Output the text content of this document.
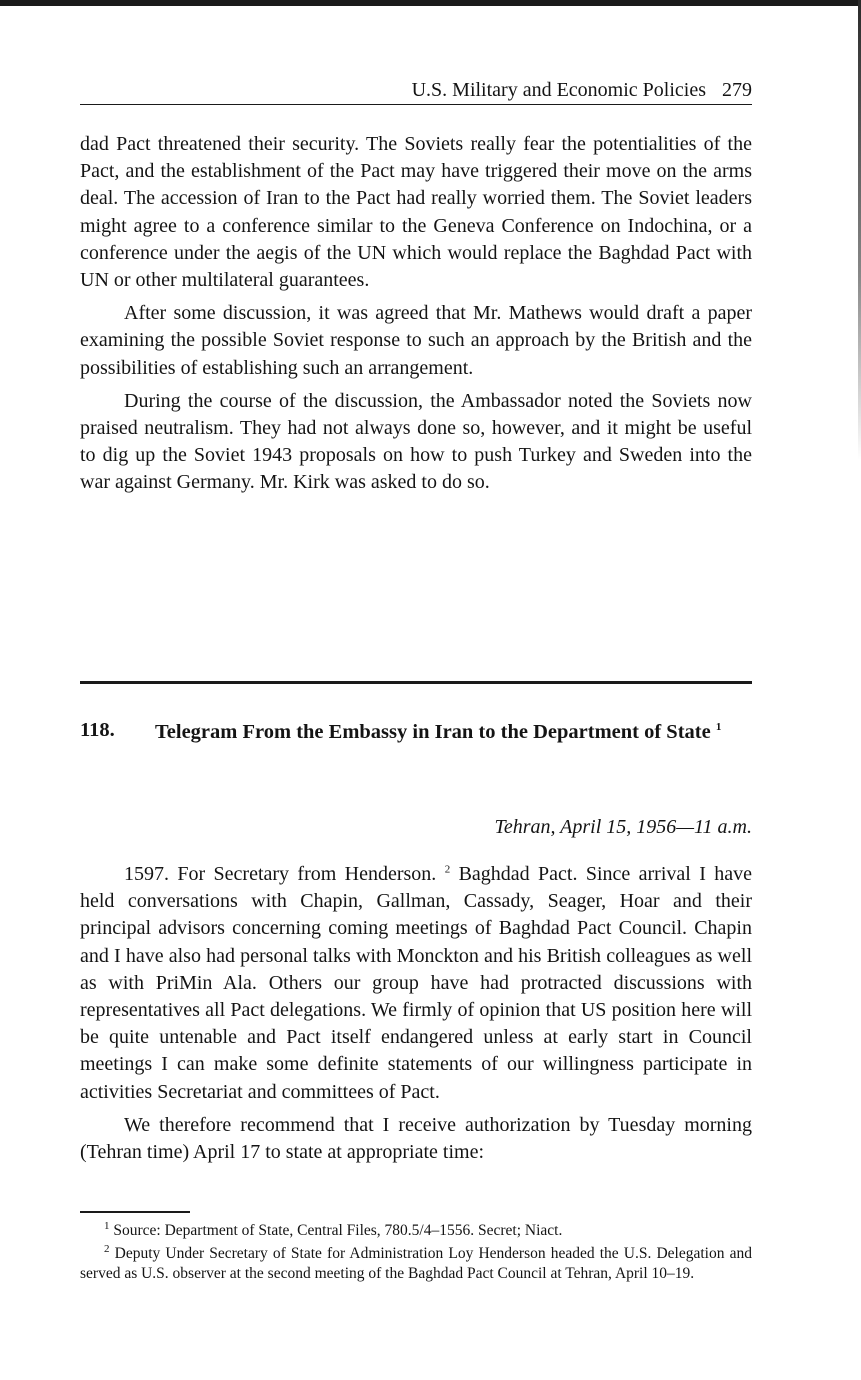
U.S. Military and Economic Policies 279

dad Pact threatened their security. The Soviets really fear the potentialities of the Pact, and the establishment of the Pact may have triggered their move on the arms deal. The accession of Iran to the Pact had really worried them. The Soviet leaders might agree to a conference similar to the Geneva Conference on Indochina, or a conference under the aegis of the UN which would replace the Baghdad Pact with UN or other multilateral guarantees.

After some discussion, it was agreed that Mr. Mathews would draft a paper examining the possible Soviet response to such an approach by the British and the possibilities of establishing such an arrangement.

During the course of the discussion, the Ambassador noted the Soviets now praised neutralism. They had not always done so, however, and it might be useful to dig up the Soviet 1943 proposals on how to push Turkey and Sweden into the war against Germany. Mr. Kirk was asked to do so.

118. Telegram From the Embassy in Iran to the Department of State $^1$
Tehran, April 15, 1956—11 a.m.

1597. For Secretary from Henderson. $^2$ Baghdad Pact. Since arrival I have held conversations with Chapin, Gallman, Cassady, Seager, Hoar and their principal advisors concerning coming meetings of Baghdad Pact Council. Chapin and I have also had personal talks with Monckton and his British colleagues as well as with PriMin Ala. Others our group have had protracted discussions with representatives all Pact delegations. We firmly of opinion that US position here will be quite untenable and Pact itself endangered unless at early start in Council meetings I can make some definite statements of our willingness participate in activities Secretariat and committees of Pact.

We therefore recommend that I receive authorization by Tuesday morning (Tehran time) April 17 to state at appropriate time:

$^1$ Source: Department of State, Central Files, 780.5/4–1556. Secret; Niact.

$^2$ Deputy Under Secretary of State for Administration Loy Henderson headed the U.S. Delegation and served as U.S. observer at the second meeting of the Baghdad Pact Council at Tehran, April 10–19.
